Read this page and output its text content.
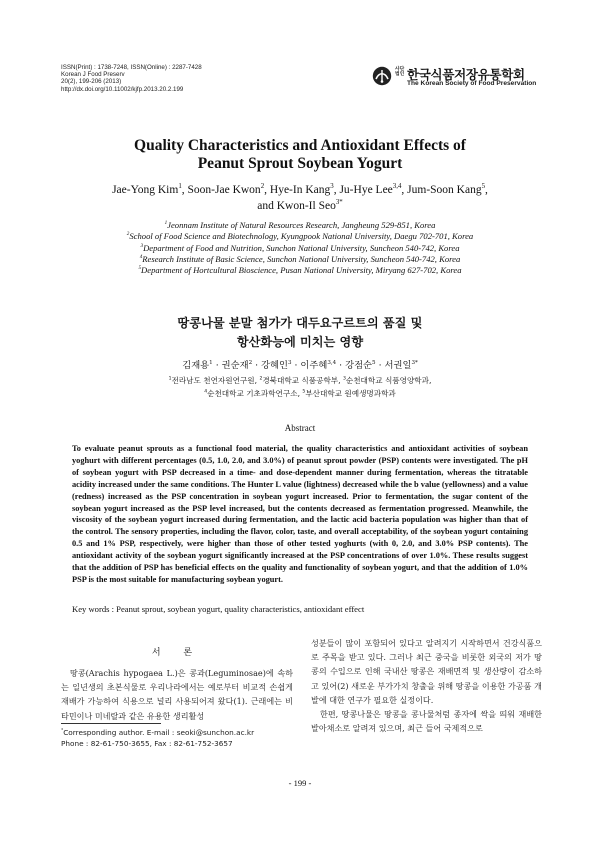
ISSN(Print) : 1738-7248, ISSN(Online) : 2287-7428
Korean J Food Preserv
20(2), 199-206 (2013)
http://dx.doi.org/10.11002/kjfp.2013.20.2.199
사단 법인 한국식품저장유통학회
The Korean Society of Food Preservation
Quality Characteristics and Antioxidant Effects of
Peanut Sprout Soybean Yogurt
Jae-Yong Kim$^1$, Soon-Jae Kwon$^2$, Hye-In Kang$^3$, Ju-Hye Lee$^{3,4}$, Jum-Soon Kang$^5$,
and Kwon-Il Seo$^{3*}$
$^1$Jeonnam Institute of Natural Resources Research, Jangheung 529-851, Korea
$^2$School of Food Science and Biotechnology, Kyungpook National University, Daegu 702-701, Korea
$^3$Department of Food and Nutrition, Sunchon National University, Suncheon 540-742, Korea
$^4$Research Institute of Basic Science, Sunchon National University, Suncheon 540-742, Korea
$^5$Department of Hortcultural Bioscience, Pusan National University, Miryang 627-702, Korea
땅콩나물 분말 첨가가 대두요구르트의 품질 및
항산화능에 미치는 영향
김재용$^1$ · 권순재$^2$ · 강혜인$^3$ · 이주혜$^{3,4}$ · 강점순$^5$ · 서권일$^{3*}$
$^1$전라남도 천연자원연구원, $^2$경북대학교 식품공학부, $^3$순천대학교 식품영양학과,
$^4$순천대학교 기초과학연구소, $^5$부산대학교 원예생명과학과
Abstract
To evaluate peanut sprouts as a functional food material, the quality characteristics and antioxidant activities of soybean yoghurt with different percentages (0.5, 1.0, 2.0, and 3.0%) of peanut sprout powder (PSP) contents were investigated. The pH of soybean yogurt with PSP decreased in a time- and dose-dependent manner during fermentation, whereas the titratable acidity increased under the same conditions. The Hunter L value (lightness) decreased while the b value (yellowness) and a value (redness) increased as the PSP concentration in soybean yogurt increased. Prior to fermentation, the sugar content of the soybean yogurt increased as the PSP level increased, but the contents decreased as fermentation progressed. Meanwhile, the viscosity of the soybean yogurt increased during fermentation, and the lactic acid bacteria population was higher than that of the control. The sensory properties, including the flavor, color, taste, and overall acceptability, of the soybean yogurt containing 0.5 and 1% PSP, respectively, were higher than those of other tested yoghurts (with 0, 2.0, and 3.0% PSP contents). The antioxidant activity of the soybean yogurt significantly increased at the PSP concentrations of over 1.0%. These results suggest that the addition of PSP has beneficial effects on the quality and functionality of soybean yogurt, and that the addition of 1.0% PSP is the most suitable for manufacturing soybean yogurt.
Key words : Peanut sprout, soybean yogurt, quality characteristics, antioxidant effect
서 론
땅콩(Arachis hypogaea L.)은 콩과(Leguminosae)에 속하는 일년생의 초본식물로 우리나라에서는 예로부터 비교적 손쉽게 재배가 가능하여 식용으로 널리 사용되어져 왔다(1). 근래에는 비타민이나 미네랄과 같은 유용한 생리활성
성분들이 많이 포함되어 있다고 알려지기 시작하면서 건강식품으로 주목을 받고 있다. 그러나 최근 중국을 비롯한 외국의 저가 땅콩의 수입으로 인해 국내산 땅콩은 재배면적 및 생산량이 감소하고 있어(2) 새로운 부가가치 창출을 위해 땅콩을 이용한 가공품 개발에 대한 연구가 필요한 실정이다.
한편, 땅콩나물은 땅콩을 콩나물처럼 종자에 싹을 띄워 재배한 발아채소로 알려져 있으며, 최근 들어 국제적으로
*Corresponding author. E-mail : seoki@sunchon.ac.kr
Phone : 82-61-750-3655, Fax : 82-61-752-3657
- 199 -
